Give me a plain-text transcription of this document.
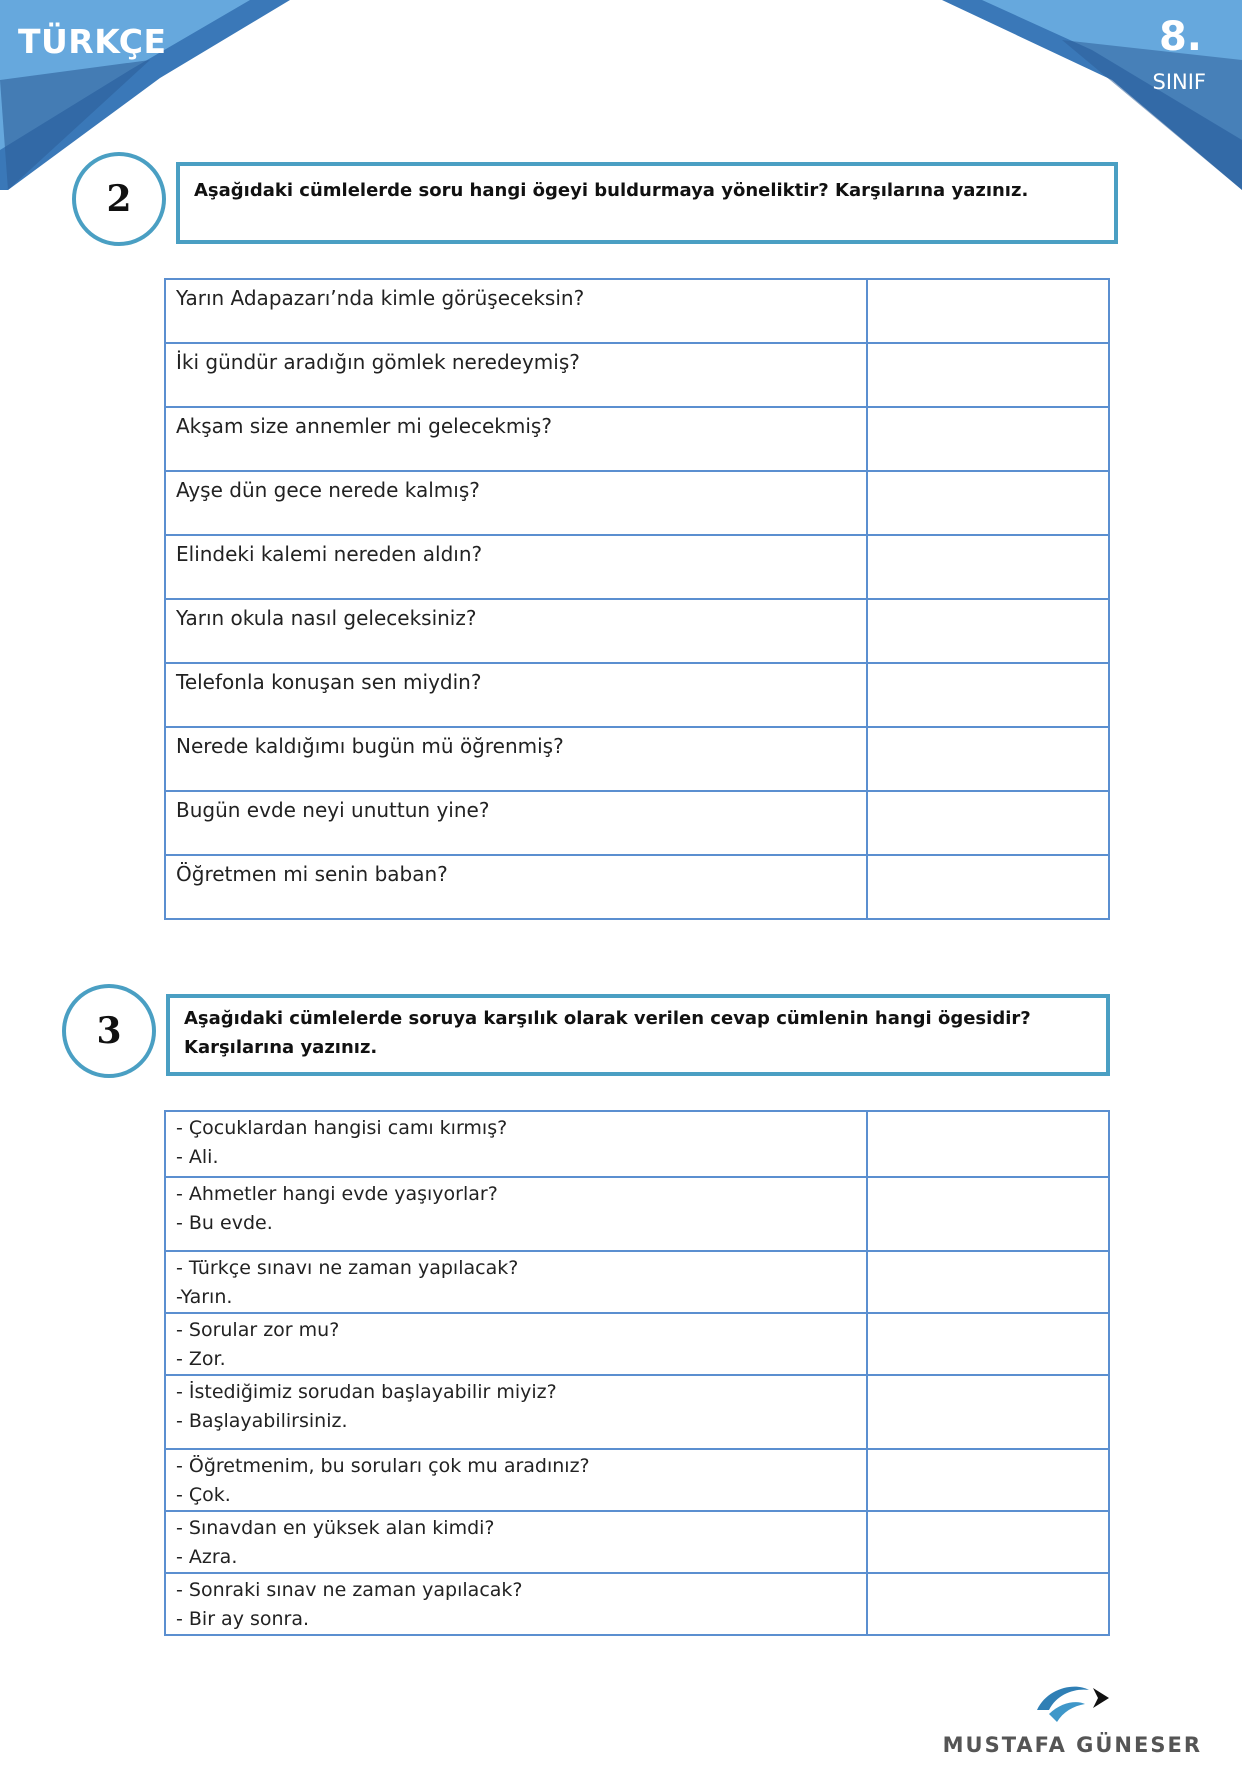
TÜRKÇE	8.
SINIF
2	Aşağıdaki cümlelerde soru hangi ögeyi buldurmaya yöneliktir? Karşılarına yazınız.
Yarın Adapazarı’nda kimle görüşeceksin?	
İki gündür aradığın gömlek neredeymiş?	
Akşam size annemler mi gelecekmiş?	
Ayşe dün gece nerede kalmış?	
Elindeki kalemi nereden aldın?	
Yarın okula nasıl geleceksiniz?	
Telefonla konuşan sen miydin?	
Nerede kaldığımı bugün mü öğrenmiş?	
Bugün evde neyi unuttun yine?	
Öğretmen mi senin baban?	
3	Aşağıdaki cümlelerde soruya karşılık olarak verilen cevap cümlenin hangi ögesidir? Karşılarına yazınız.
- Çocuklardan hangisi camı kırmış?
- Ali.	

- Ahmetler hangi evde yaşıyorlar?
- Bu evde.	

- Türkçe sınavı ne zaman yapılacak?
-Yarın.	

- Sorular zor mu?
- Zor.	

- İstediğimiz sorudan başlayabilir miyiz?
- Başlayabilirsiniz.	

- Öğretmenim, bu soruları çok mu aradınız?
- Çok.	

- Sınavdan en yüksek alan kimdi?
- Azra.	

- Sonraki sınav ne zaman yapılacak?
- Bir ay sonra.	

MUSTAFA GÜNESER
